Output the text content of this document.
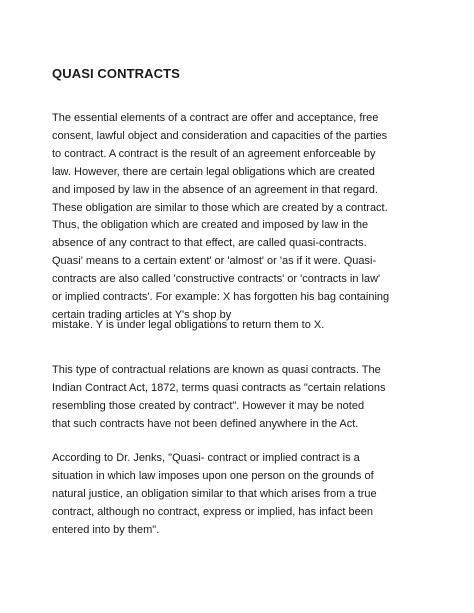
QUASI CONTRACTS

The essential elements of a contract are offer and acceptance, free
consent, lawful object and consideration and capacities of the parties
to contract. A contract is the result of an agreement enforceable by
law. However, there are certain legal obligations which are created
and imposed by law in the absence of an agreement in that regard.
These obligation are similar to those which are created by a contract.
Thus, the obligation which are created and imposed by law in the
absence of any contract to that effect, are called quasi-contracts.
Quasi' means to a certain extent' or 'almost' or 'as if it were. Quasi-
contracts are also called 'constructive contracts' or 'contracts in law'
or implied contracts'. For example: X has forgotten his bag containing
certain trading articles at Y's shop by

mistake. Y is under legal obligations to return them to X.

This type of contractual relations are known as quasi contracts. The
Indian Contract Act, 1872, terms quasi contracts as "certain relations
resembling those created by contract". However it may be noted
that such contracts have not been defined anywhere in the Act.

According to Dr. Jenks, "Quasi- contract or implied contract is a
situation in which law imposes upon one person on the grounds of
natural justice, an obligation similar to that which arises from a true
contract, although no contract, express or implied, has infact been
entered into by them".
